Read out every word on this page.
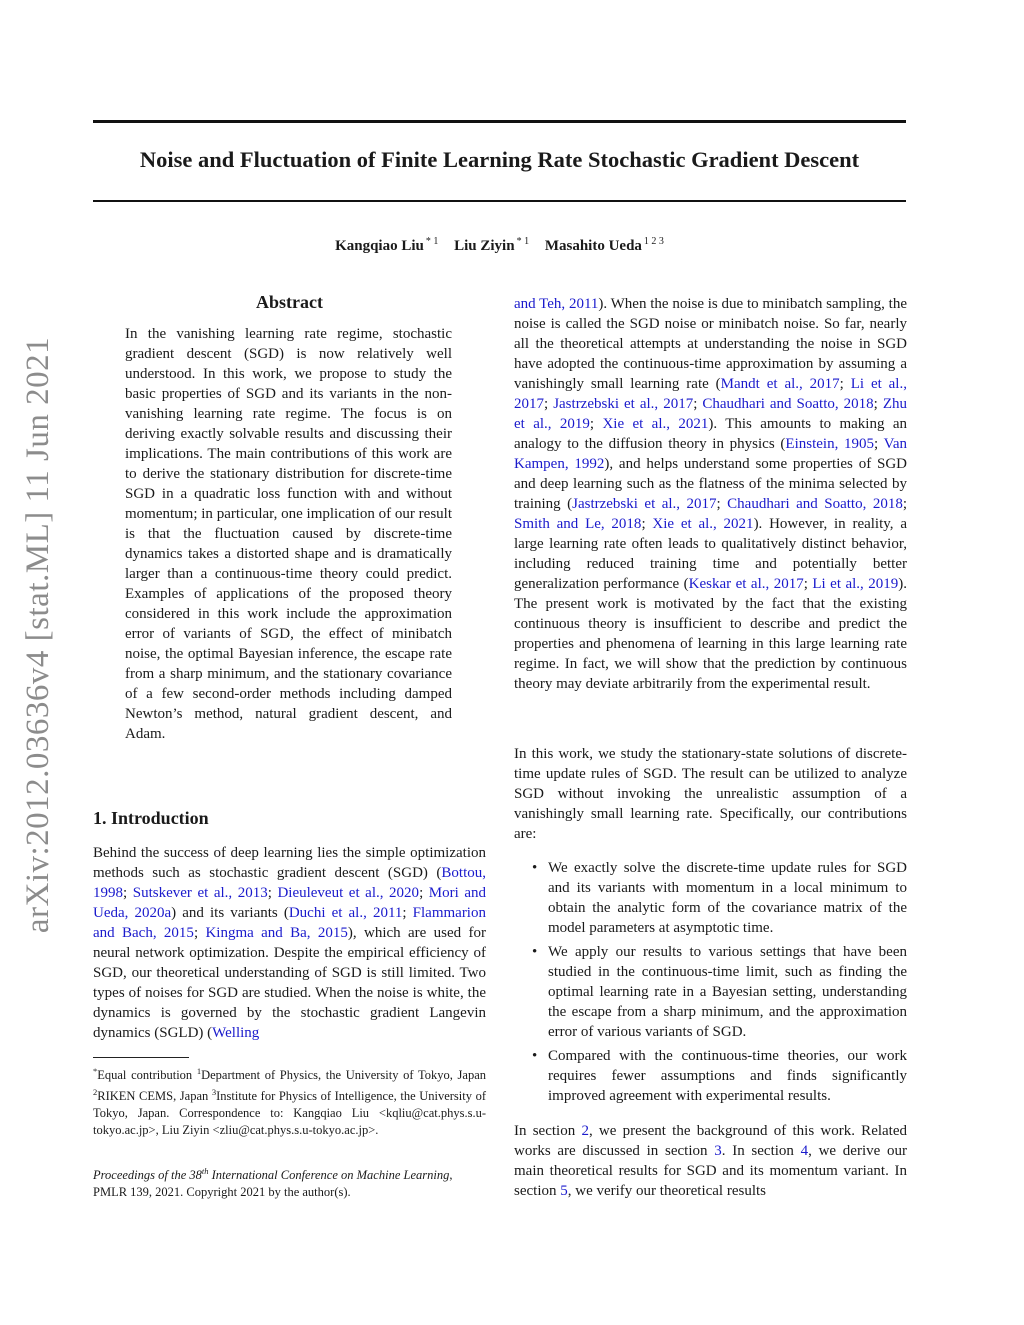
Noise and Fluctuation of Finite Learning Rate Stochastic Gradient Descent
Kangqiao Liu $^{* 1}$ Liu Ziyin $^{* 1}$ Masahito Ueda $^{1 2 3}$
arXiv:2012.03636v4 [stat.ML] 11 Jun 2021
Abstract

In the vanishing learning rate regime, stochastic gradient descent (SGD) is now relatively well understood. In this work, we propose to study the basic properties of SGD and its variants in the non-vanishing learning rate regime. The focus is on deriving exactly solvable results and discussing their implications. The main contributions of this work are to derive the stationary distribution for discrete-time SGD in a quadratic loss function with and without momentum; in particular, one implication of our result is that the fluctuation caused by discrete-time dynamics takes a distorted shape and is dramatically larger than a continuous-time theory could predict. Examples of applications of the proposed theory considered in this work include the approximation error of variants of SGD, the effect of minibatch noise, the optimal Bayesian inference, the escape rate from a sharp minimum, and the stationary covariance of a few second-order methods including damped Newton’s method, natural gradient descent, and Adam.

1. Introduction

Behind the success of deep learning lies the simple optimization methods such as stochastic gradient descent (SGD) (Bottou, 1998; Sutskever et al., 2013; Dieuleveut et al., 2020; Mori and Ueda, 2020a) and its variants (Duchi et al., 2011; Flammarion and Bach, 2015; Kingma and Ba, 2015), which are used for neural network optimization. Despite the empirical efficiency of SGD, our theoretical understanding of SGD is still limited. Two types of noises for SGD are studied. When the noise is white, the dynamics is governed by the stochastic gradient Langevin dynamics (SGLD) (Welling

*Equal contribution $^1$Department of Physics, the University of Tokyo, Japan $^2$RIKEN CEMS, Japan $^3$Institute for Physics of Intelligence, the University of Tokyo, Japan. Correspondence to: Kangqiao Liu <kqliu@cat.phys.s.u-tokyo.ac.jp>, Liu Ziyin <zliu@cat.phys.s.u-tokyo.ac.jp>.

Proceedings of the 38th International Conference on Machine Learning, PMLR 139, 2021. Copyright 2021 by the author(s).

and Teh, 2011). When the noise is due to minibatch sampling, the noise is called the SGD noise or minibatch noise. So far, nearly all the theoretical attempts at understanding the noise in SGD have adopted the continuous-time approximation by assuming a vanishingly small learning rate (Mandt et al., 2017; Li et al., 2017; Jastrzebski et al., 2017; Chaudhari and Soatto, 2018; Zhu et al., 2019; Xie et al., 2021). This amounts to making an analogy to the diffusion theory in physics (Einstein, 1905; Van Kampen, 1992), and helps understand some properties of SGD and deep learning such as the flatness of the minima selected by training (Jastrzebski et al., 2017; Chaudhari and Soatto, 2018; Smith and Le, 2018; Xie et al., 2021). However, in reality, a large learning rate often leads to qualitatively distinct behavior, including reduced training time and potentially better generalization performance (Keskar et al., 2017; Li et al., 2019). The present work is motivated by the fact that the existing continuous theory is insufficient to describe and predict the properties and phenomena of learning in this large learning rate regime. In fact, we will show that the prediction by continuous theory may deviate arbitrarily from the experimental result.

In this work, we study the stationary-state solutions of discrete-time update rules of SGD. The result can be utilized to analyze SGD without invoking the unrealistic assumption of a vanishingly small learning rate. Specifically, our contributions are:

• We exactly solve the discrete-time update rules for SGD and its variants with momentum in a local minimum to obtain the analytic form of the covariance matrix of the model parameters at asymptotic time.
• We apply our results to various settings that have been studied in the continuous-time limit, such as finding the optimal learning rate in a Bayesian setting, understanding the escape from a sharp minimum, and the approximation error of various variants of SGD.
• Compared with the continuous-time theories, our work requires fewer assumptions and finds significantly improved agreement with experimental results.

In section 2, we present the background of this work. Related works are discussed in section 3. In section 4, we derive our main theoretical results for SGD and its momentum variant. In section 5, we verify our theoretical results
